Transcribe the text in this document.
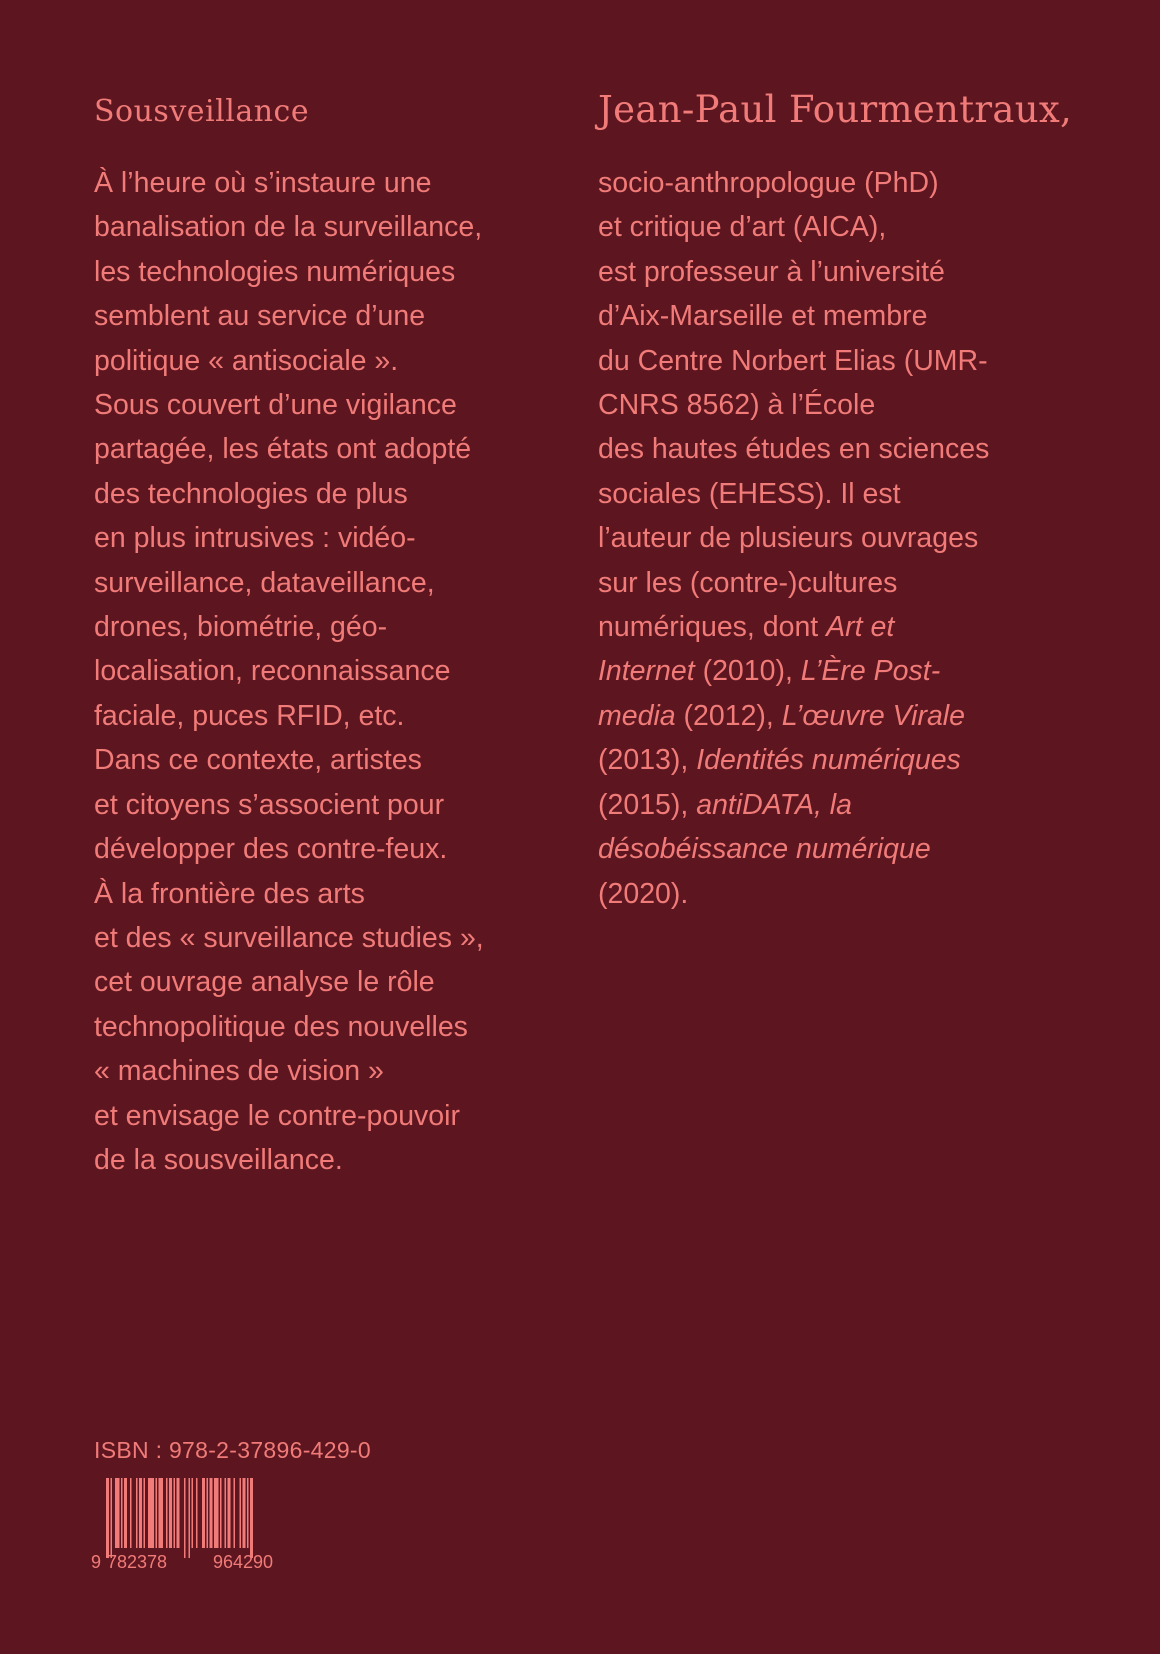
Sousveillance	Jean-Paul Fourmentraux,

À l’heure où s’instaure une
banalisation de la surveillance,
les technologies numériques
semblent au service d’une
politique « antisociale ».
Sous couvert d’une vigilance
partagée, les états ont adopté
des technologies de plus
en plus intrusives : vidéo-
surveillance, dataveillance,
drones, biométrie, géo-
localisation, reconnaissance
faciale, puces RFID, etc.
Dans ce contexte, artistes
et citoyens s’associent pour
développer des contre-feux.
À la frontière des arts
et des « surveillance studies »,
cet ouvrage analyse le rôle
technopolitique des nouvelles
« machines de vision »
et envisage le contre-pouvoir
de la sousveillance.

socio-anthropologue (PhD)
et critique d’art (AICA),
est professeur à l’université
d’Aix-Marseille et membre
du Centre Norbert Elias (UMR-
CNRS 8562) à l’École
des hautes études en sciences
sociales (EHESS). Il est
l’auteur de plusieurs ouvrages
sur les (contre-)cultures
numériques, dont Art et
Internet (2010), L’Ère Post-
media (2012), L’œuvre Virale
(2013), Identités numériques
(2015), antiDATA, la
désobéissance numérique
(2020).

ISBN : 978-2-37896-429-0

9 782378	964290
